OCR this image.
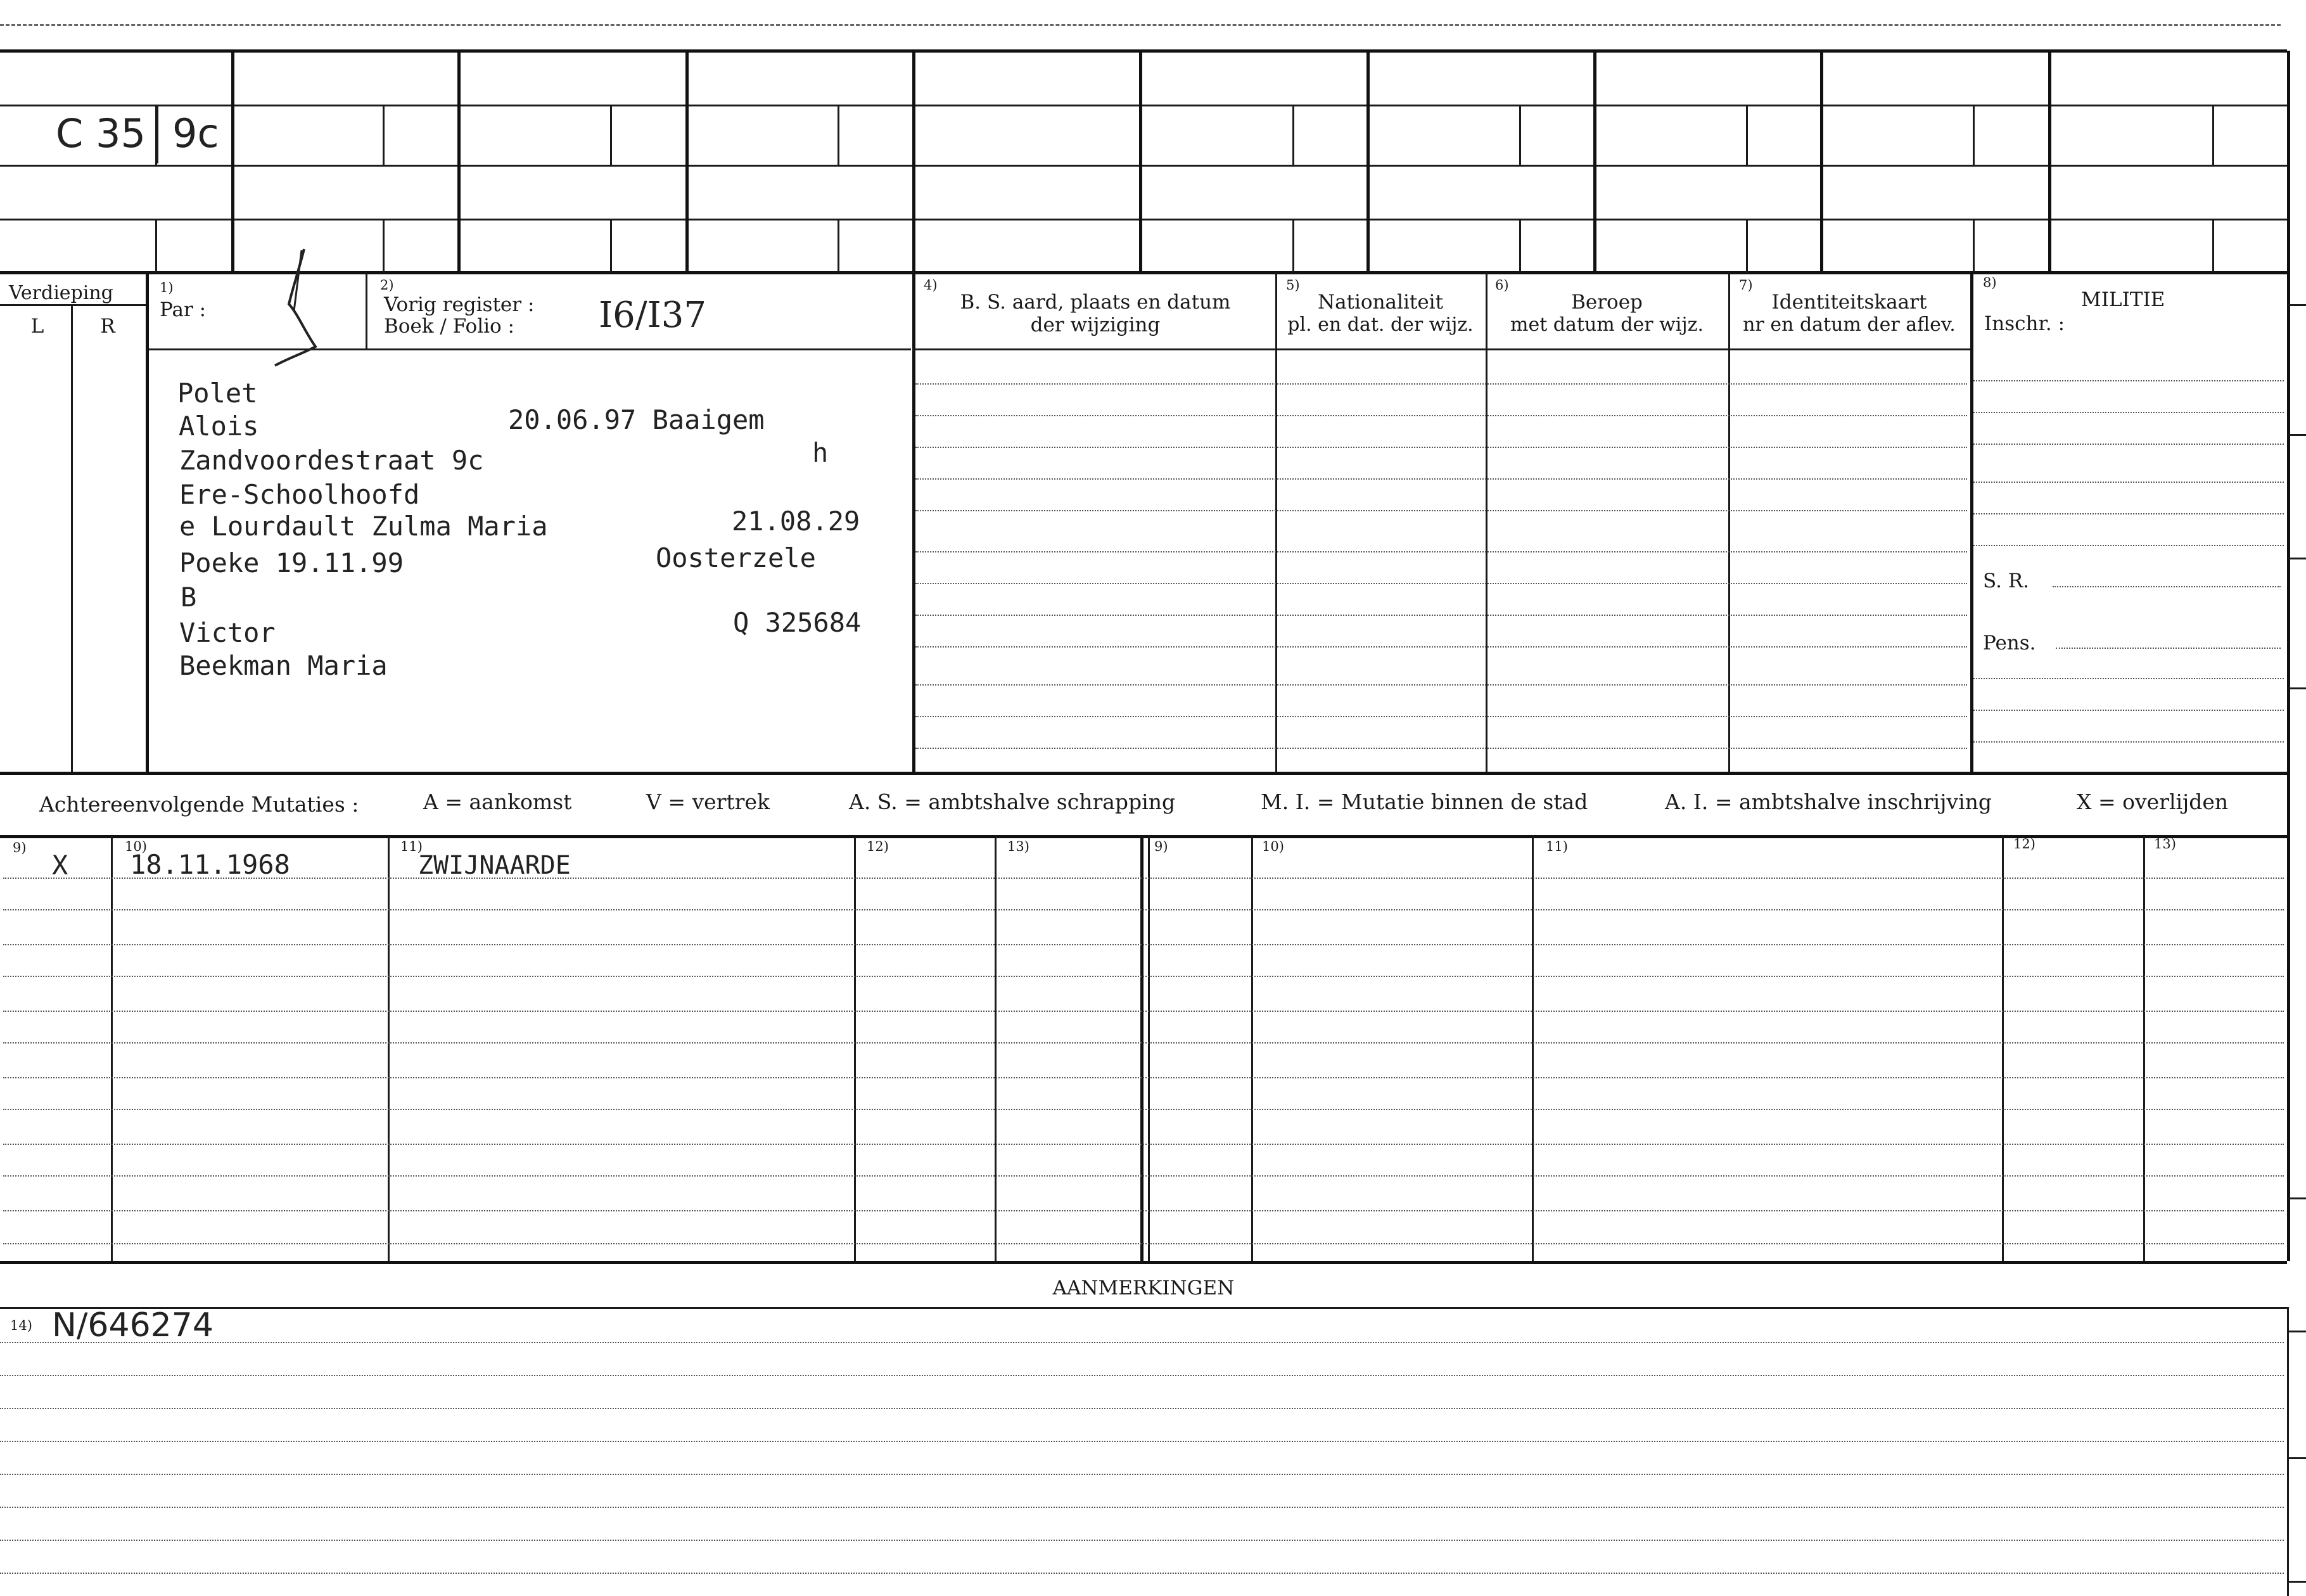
C 35 9c
Verdieping
L	R
1)
Par :
2)
Vorig register :
Boek / Folio : I6/I37
4)
B. S. aard, plaats en datum
der wijziging
5)
Nationaliteit
pl. en dat. der wijz.
6)
Beroep
met datum der wijz.
7)
Identiteitskaart
nr en datum der aflev.
8)
MILITIE
Inschr. :
S. R.
Pens.
Polet
Alois	20.06.97 Baaigem
Zandvoordestraat 9c	h
Ere-Schoolhoofd
e Lourdault Zulma Maria	21.08.29
Poeke 19.11.99	Oosterzele
B
Victor	Q 325684
Beekman Maria
Achtereenvolgende Mutaties :	A = aankomst	V = vertrek	A. S. = ambtshalve schrapping	M. I. = Mutatie binnen de stad	A. I. = ambtshalve inschrijving	X = overlijden
9)	10)	11)	12)	13)	9)	10)	11)	12)	13)
X 18.11.1968	ZWIJNAARDE
AANMERKINGEN
14) N/646274
